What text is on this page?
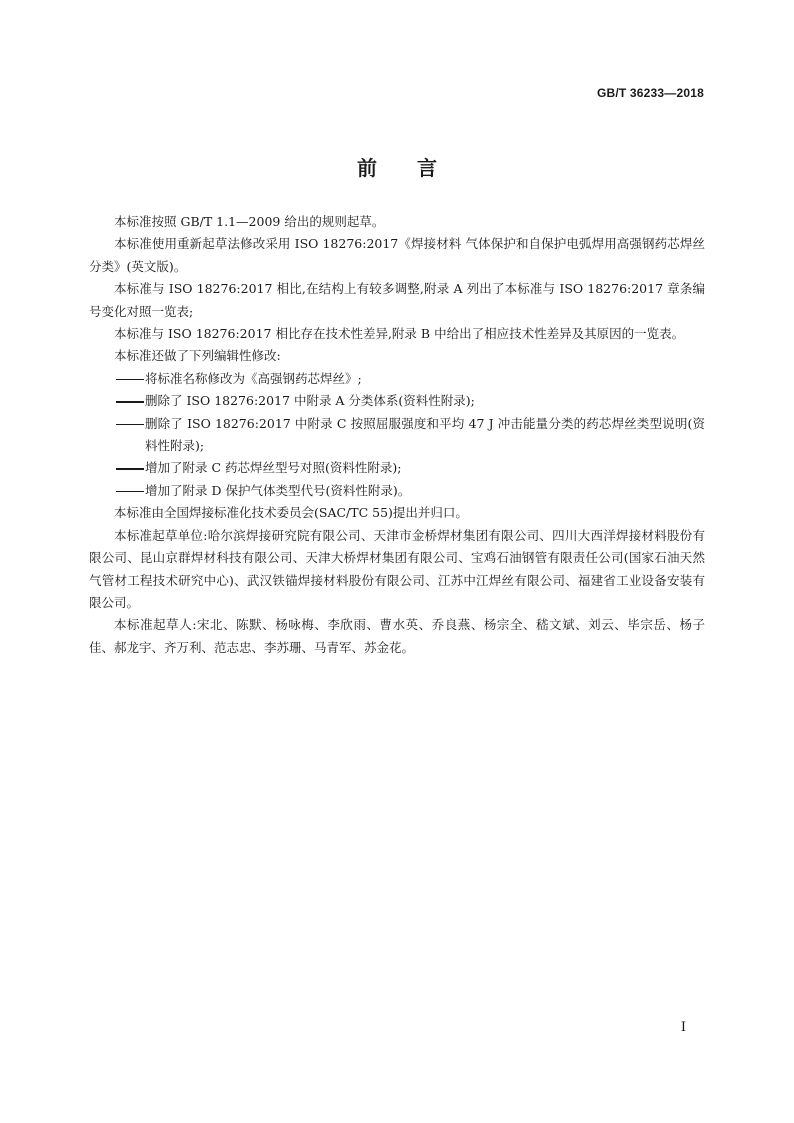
GB/T 36233—2018
前言

本标准按照 GB/T 1.1—2009 给出的规则起草。

本标准使用重新起草法修改采用 ISO 18276:2017《焊接材料 气体保护和自保护电弧焊用高强钢药芯焊丝 分类》(英文版)。

本标准与 ISO 18276:2017 相比,在结构上有较多调整,附录 A 列出了本标准与 ISO 18276:2017 章条编号变化对照一览表;

本标准与 ISO 18276:2017 相比存在技术性差异,附录 B 中给出了相应技术性差异及其原因的一览表。

本标准还做了下列编辑性修改:

将标准名称修改为《高强钢药芯焊丝》;

删除了 ISO 18276:2017 中附录 A 分类体系(资料性附录);

删除了 ISO 18276:2017 中附录 C 按照屈服强度和平均 47 J 冲击能量分类的药芯焊丝类型说明(资料性附录);

增加了附录 C 药芯焊丝型号对照(资料性附录);

增加了附录 D 保护气体类型代号(资料性附录)。

本标准由全国焊接标准化技术委员会(SAC/TC 55)提出并归口。

本标准起草单位:哈尔滨焊接研究院有限公司、天津市金桥焊材集团有限公司、四川大西洋焊接材料股份有限公司、昆山京群焊材科技有限公司、天津大桥焊材集团有限公司、宝鸡石油钢管有限责任公司(国家石油天然气管材工程技术研究中心)、武汉铁锚焊接材料股份有限公司、江苏中江焊丝有限公司、福建省工业设备安装有限公司。

本标准起草人:宋北、陈默、杨咏梅、李欣雨、曹水英、乔良燕、杨宗全、嵇文斌、刘云、毕宗岳、杨子佳、郝龙宇、齐万利、范志忠、李苏珊、马青军、苏金花。

I
